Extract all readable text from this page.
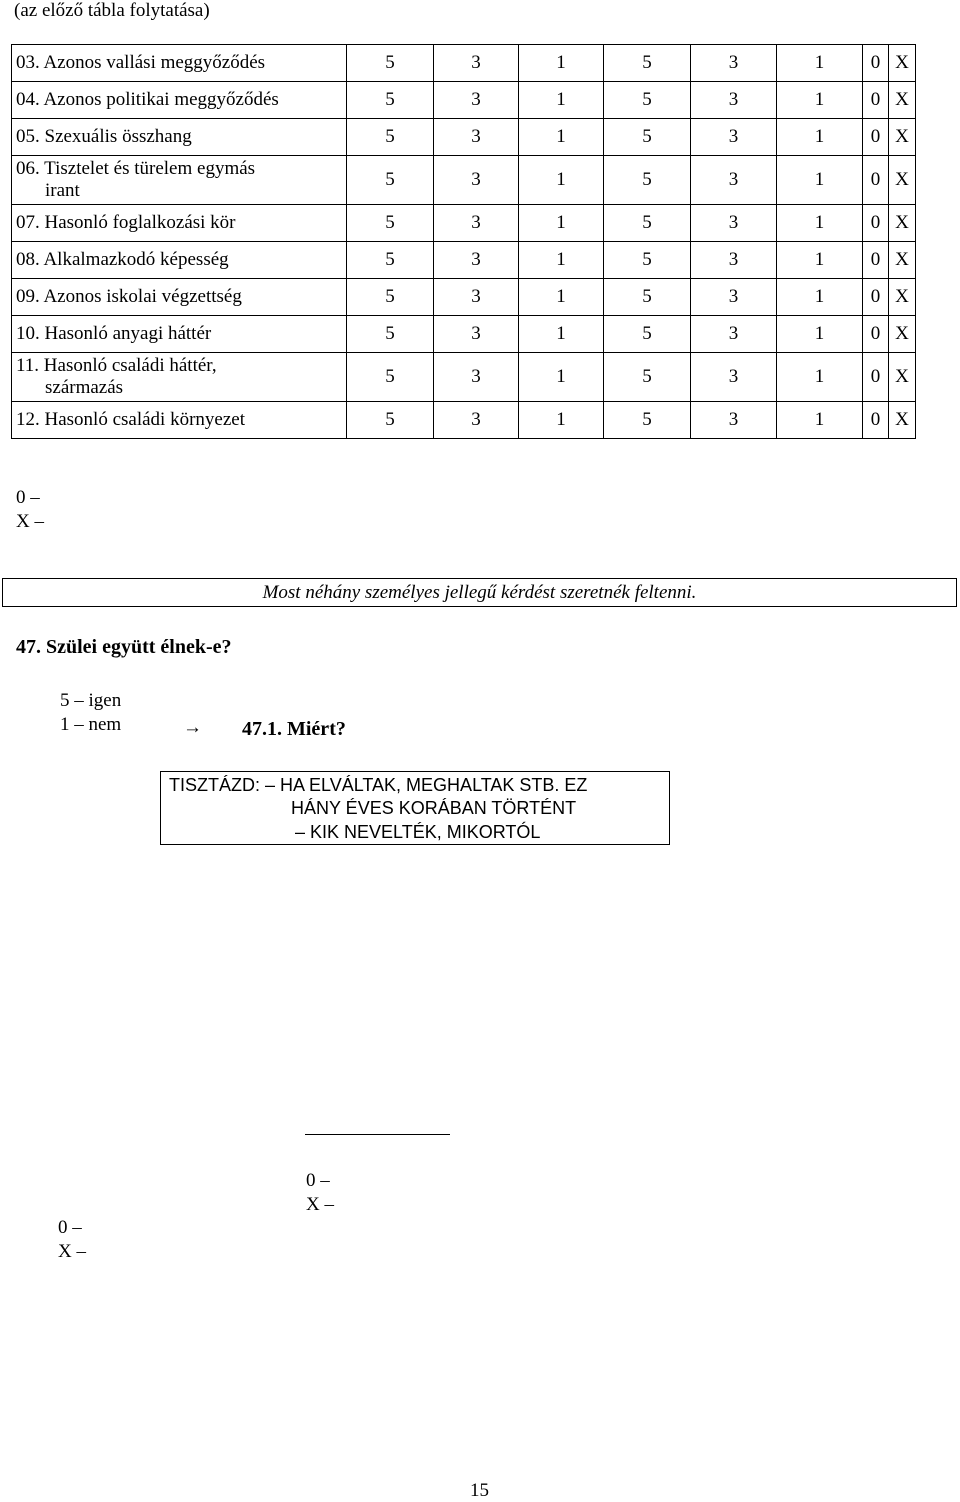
(az előző tábla folytatása)
03. Azonos vallási meggyőződés	5	3	1	5	3	1	0	X

04. Azonos politikai meggyőződés	5	3	1	5	3	1	0	X

05. Szexuális összhang	5	3	1	5	3	1	0	X

06. Tisztelet és türelem egymás
irant	5	3	1	5	3	1	0	X

07. Hasonló foglalkozási kör	5	3	1	5	3	1	0	X

08. Alkalmazkodó képesség	5	3	1	5	3	1	0	X

09. Azonos iskolai végzettség	5	3	1	5	3	1	0	X

10. Hasonló anyagi háttér	5	3	1	5	3	1	0	X

11. Hasonló családi háttér,
származás	5	3	1	5	3	1	0	X

12. Hasonló családi környezet	5	3	1	5	3	1	0	X
0 –
X –
Most néhány személyes jellegű kérdést szeretnék feltenni.
47. Szülei együtt élnek-e?
5 – igen
1 – nem	→ 47.1. Miért?
TISZTÁZD: – HA ELVÁLTAK, MEGHALTAK STB. EZ
HÁNY ÉVES KORÁBAN TÖRTÉNT
– KIK NEVELTÉK, MIKORTÓL
0 –
X –
0 –
X –
15
